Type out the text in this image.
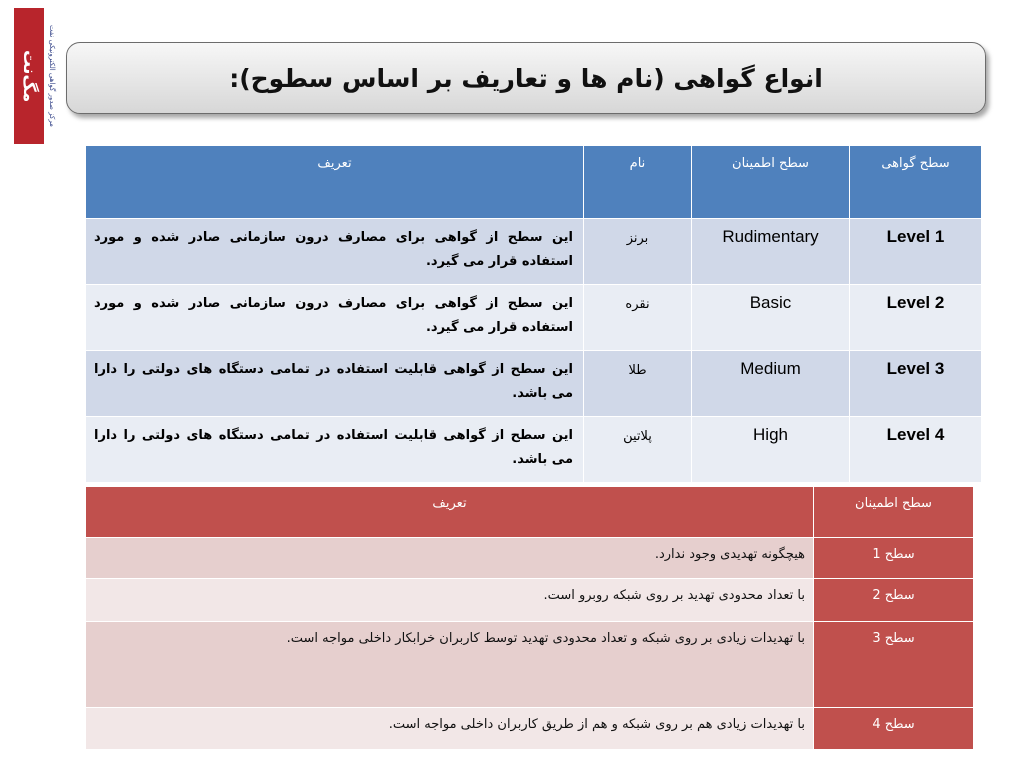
مگ‌نت مرکز صدور گواهی الکترونیکی نفت	انواع گواهی (نام ها و تعاریف بر اساس سطوح):
سطح گواهی	سطح اطمینان	نام	تعریف
Level 1	Rudimentary	برنز	این سطح از گواهی برای مصارف درون سازمانی صادر شده و مورد استفاده قرار می گیرد.
Level 2	Basic	نقره	این سطح از گواهی برای مصارف درون سازمانی صادر شده و مورد استفاده قرار می گیرد.
Level 3	Medium	طلا	این سطح از گواهی قابلیت استفاده در تمامی دستگاه های دولتی را دارا می باشد.
Level 4	High	پلاتین	این سطح از گواهی قابلیت استفاده در تمامی دستگاه های دولتی را دارا می باشد.
سطح اطمینان	تعریف
سطح 1	هیچگونه تهدیدی وجود ندارد.
سطح 2	با تعداد محدودی تهدید بر روی شبکه روبرو است.
سطح 3	با تهدیدات زیادی بر روی شبکه و تعداد محدودی تهدید توسط کاربران خرابکار داخلی مواجه است.
سطح 4	با تهدیدات زیادی هم بر روی شبکه و هم از طریق کاربران داخلی مواجه است.
